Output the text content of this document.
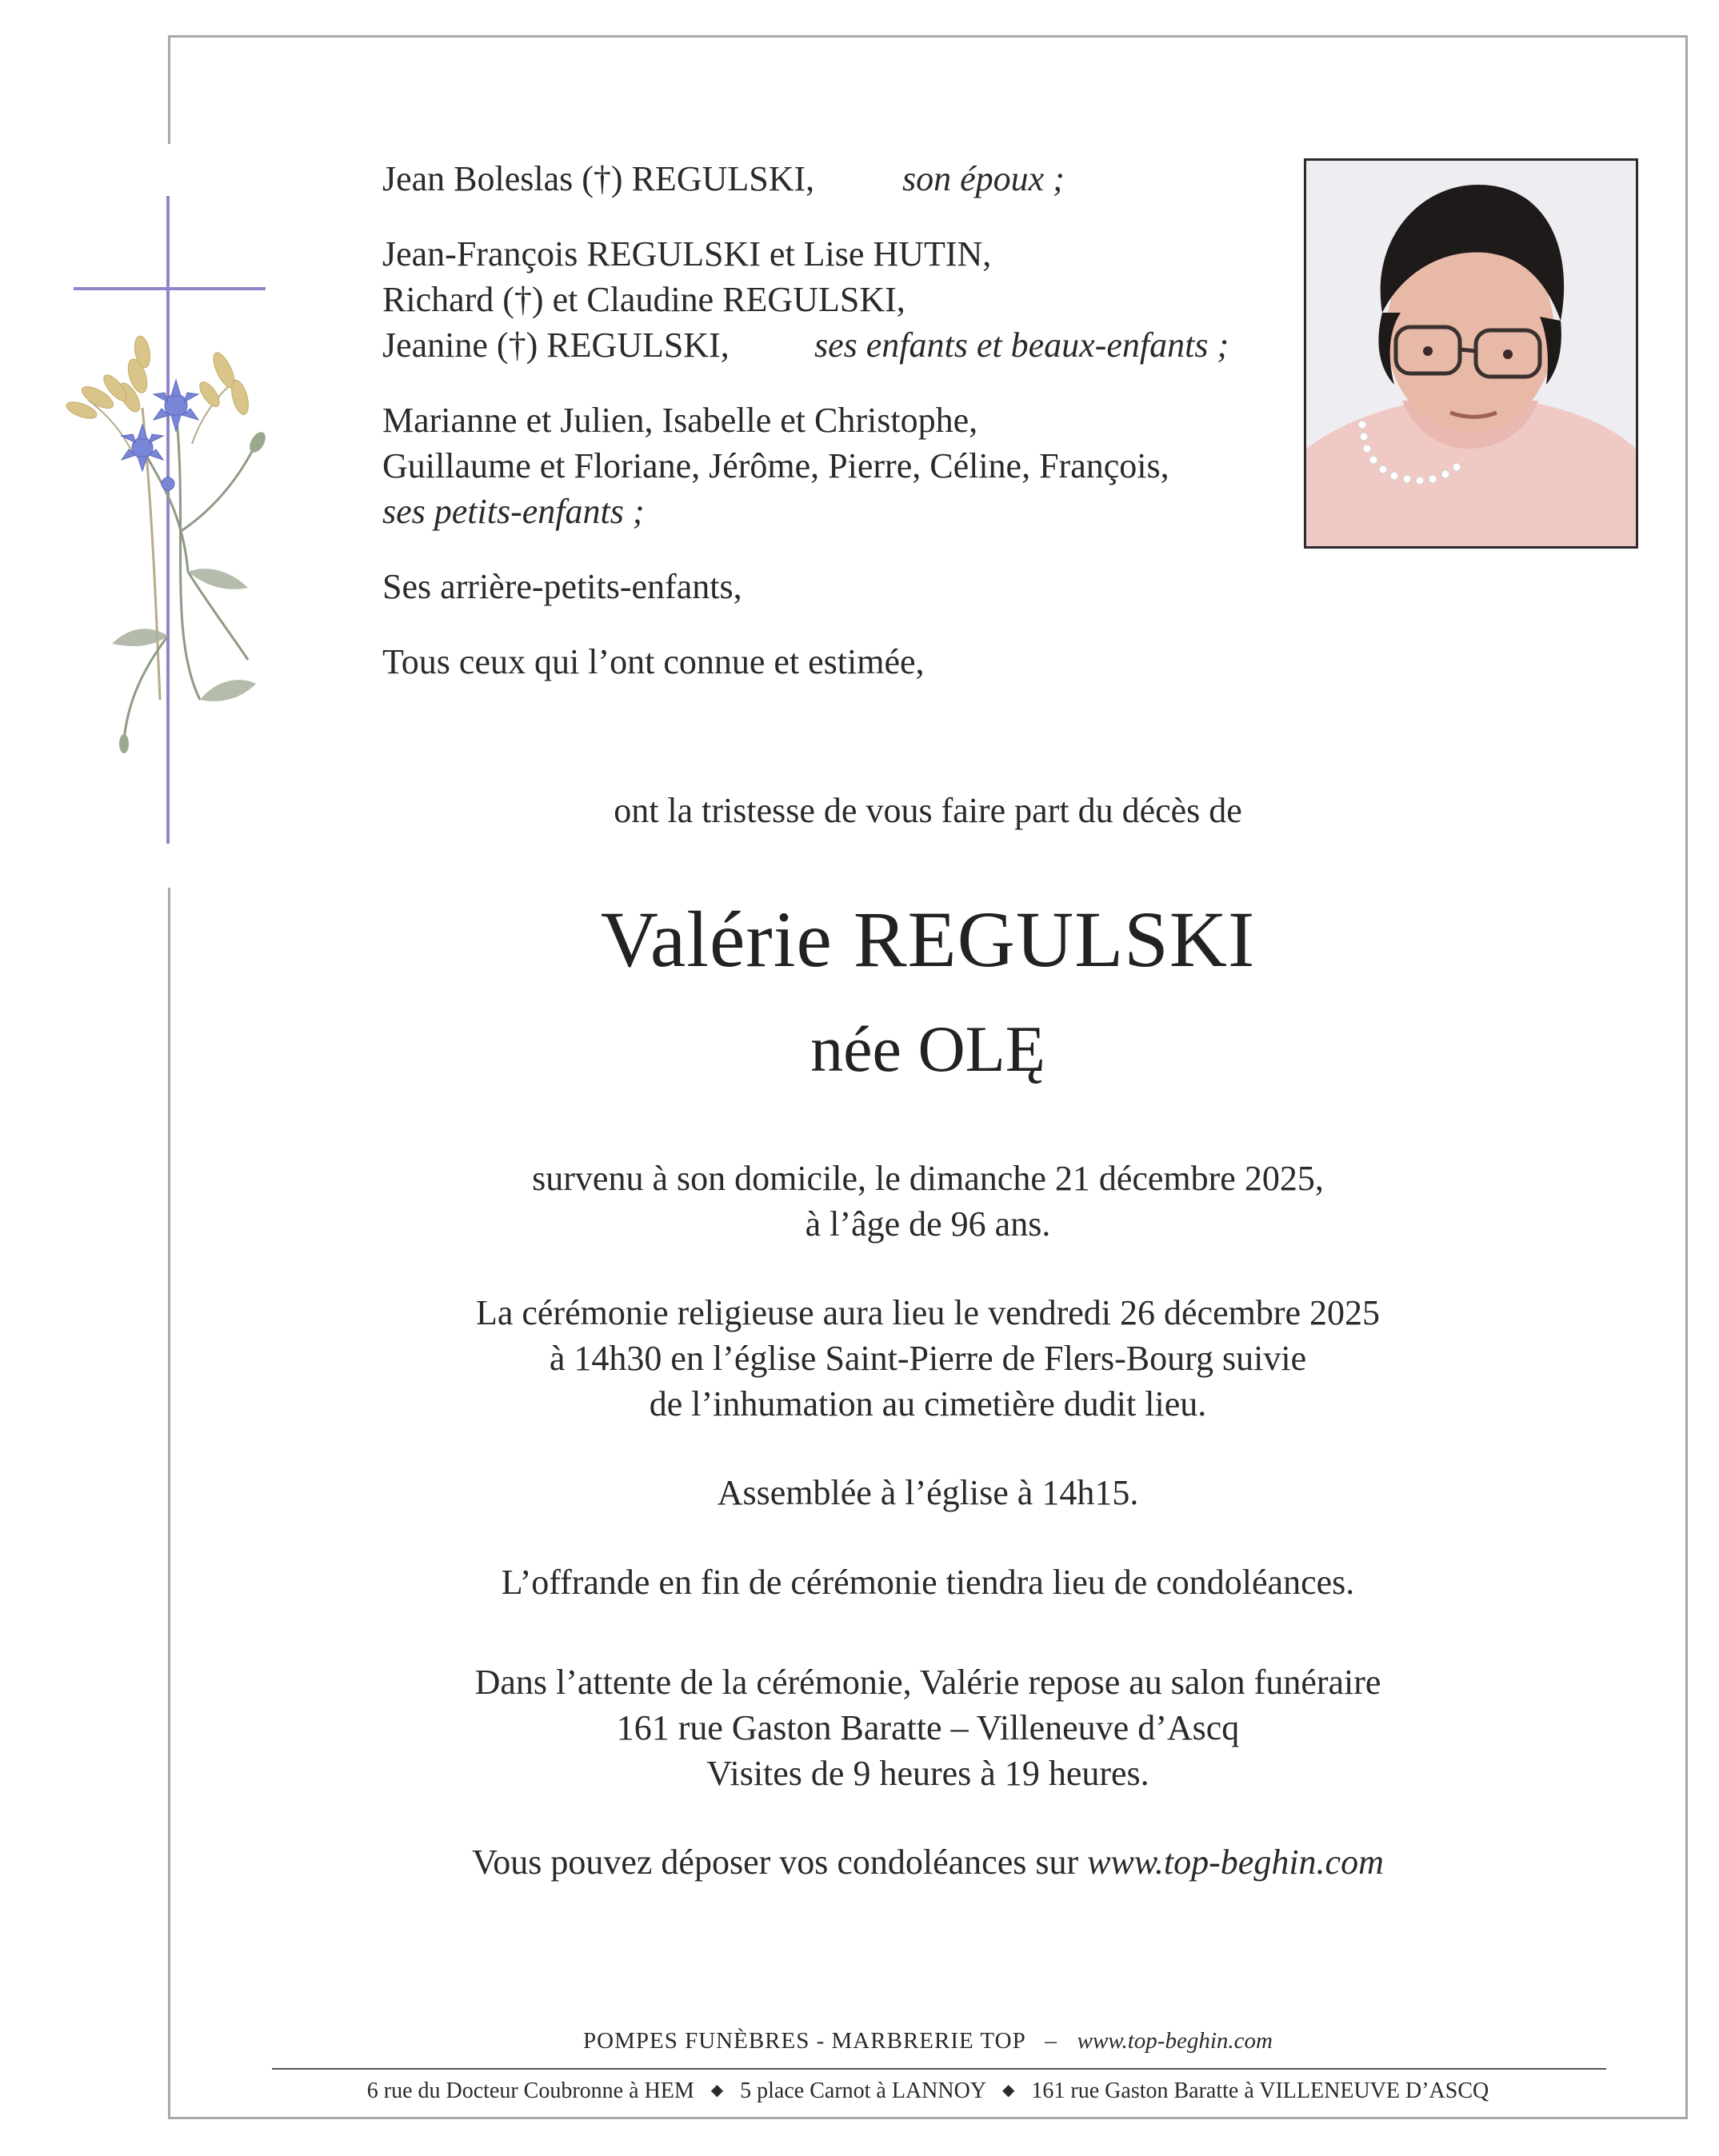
Jean Boleslas (†) REGULSKI, son époux ;
Jean-François REGULSKI et Lise HUTIN,
Richard (†) et Claudine REGULSKI,
Jeanine (†) REGULSKI, ses enfants et beaux-enfants ;
Marianne et Julien, Isabelle et Christophe,
Guillaume et Floriane, Jérôme, Pierre, Céline, François,
ses petits-enfants ;
Ses arrière-petits-enfants,
Tous ceux qui l’ont connue et estimée,
ont la tristesse de vous faire part du décès de
Valérie REGULSKI
née OLĘ
survenu à son domicile, le dimanche 21 décembre 2025,
à l’âge de 96 ans.
La cérémonie religieuse aura lieu le vendredi 26 décembre 2025
à 14h30 en l’église Saint-Pierre de Flers-Bourg suivie
de l’inhumation au cimetière dudit lieu.
Assemblée à l’église à 14h15.
L’offrande en fin de cérémonie tiendra lieu de condoléances.
Dans l’attente de la cérémonie, Valérie repose au salon funéraire
161 rue Gaston Baratte – Villeneuve d’Ascq
Visites de 9 heures à 19 heures.
Vous pouvez déposer vos condoléances sur www.top-beghin.com
POMPES FUNÈBRES - MARBRERIE TOP – www.top-beghin.com
6 rue du Docteur Coubronne à HEM ◆ 5 place Carnot à LANNOY ◆ 161 rue Gaston Baratte à VILLENEUVE D’ASCQ
